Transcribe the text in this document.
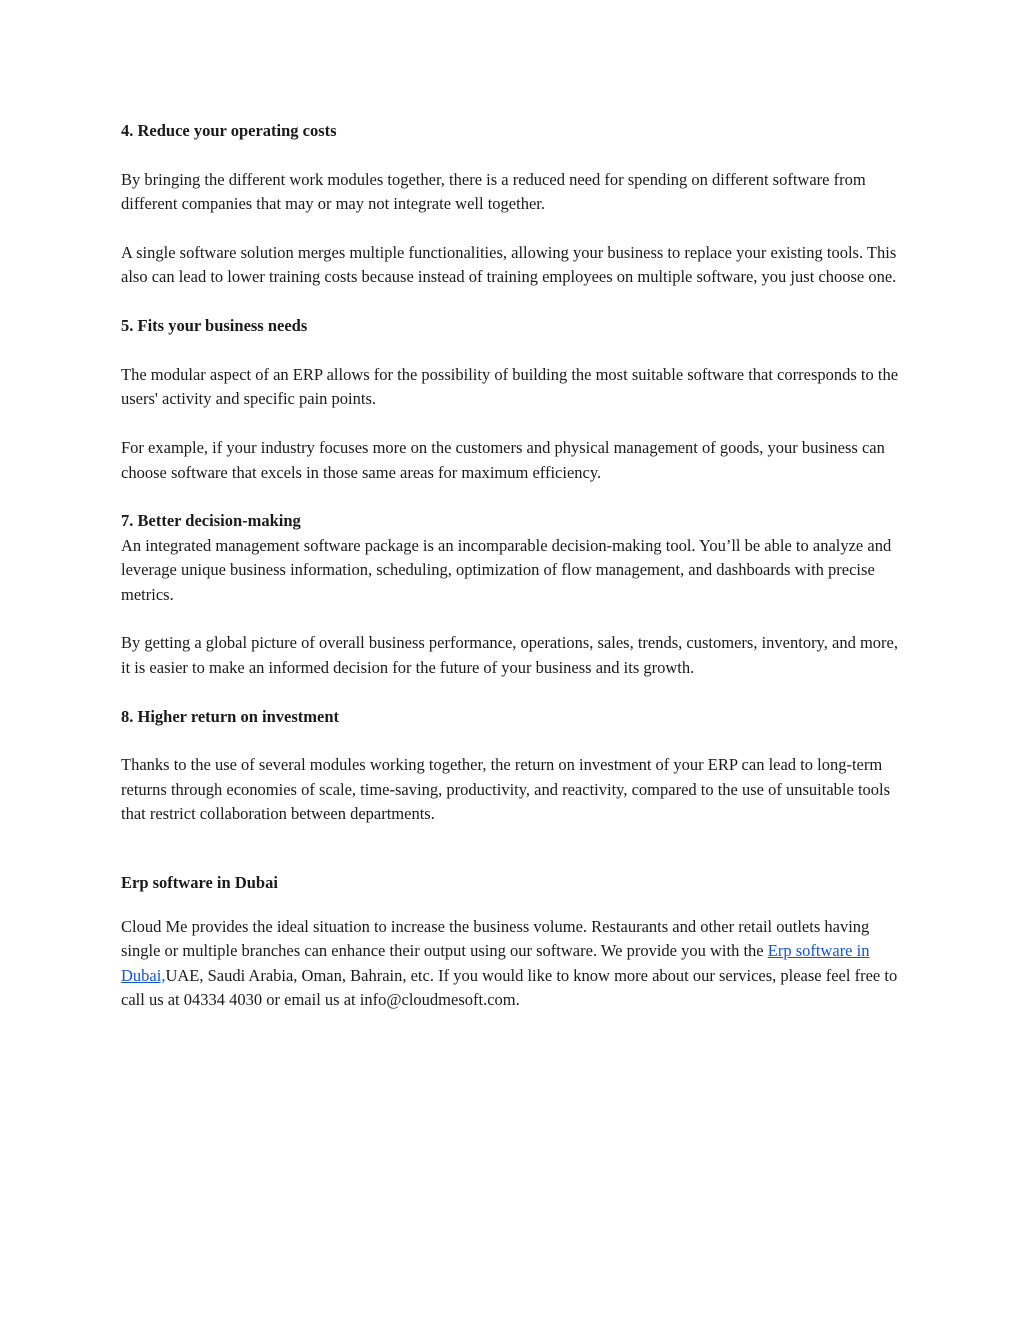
4. Reduce your operating costs

By bringing the different work modules together, there is a reduced need for spending on different software from different companies that may or may not integrate well together.

A single software solution merges multiple functionalities, allowing your business to replace your existing tools. This also can lead to lower training costs because instead of training employees on multiple software, you just choose one.

5. Fits your business needs

The modular aspect of an ERP allows for the possibility of building the most suitable software that corresponds to the users' activity and specific pain points.

For example, if your industry focuses more on the customers and physical management of goods, your business can choose software that excels in those same areas for maximum efficiency.

7. Better decision-making

An integrated management software package is an incomparable decision-making tool. You’ll be able to analyze and leverage unique business information, scheduling, optimization of flow management, and dashboards with precise metrics.

By getting a global picture of overall business performance, operations, sales, trends, customers, inventory, and more, it is easier to make an informed decision for the future of your business and its growth.

8. Higher return on investment

Thanks to the use of several modules working together, the return on investment of your ERP can lead to long-term returns through economies of scale, time-saving, productivity, and reactivity, compared to the use of unsuitable tools that restrict collaboration between departments.

Erp software in Dubai

Cloud Me provides the ideal situation to increase the business volume. Restaurants and other retail outlets having single or multiple branches can enhance their output using our software. We provide you with the Erp software in Dubai,UAE, Saudi Arabia, Oman, Bahrain, etc. If you would like to know more about our services, please feel free to call us at 04334 4030 or email us at info@cloudmesoft.com.
